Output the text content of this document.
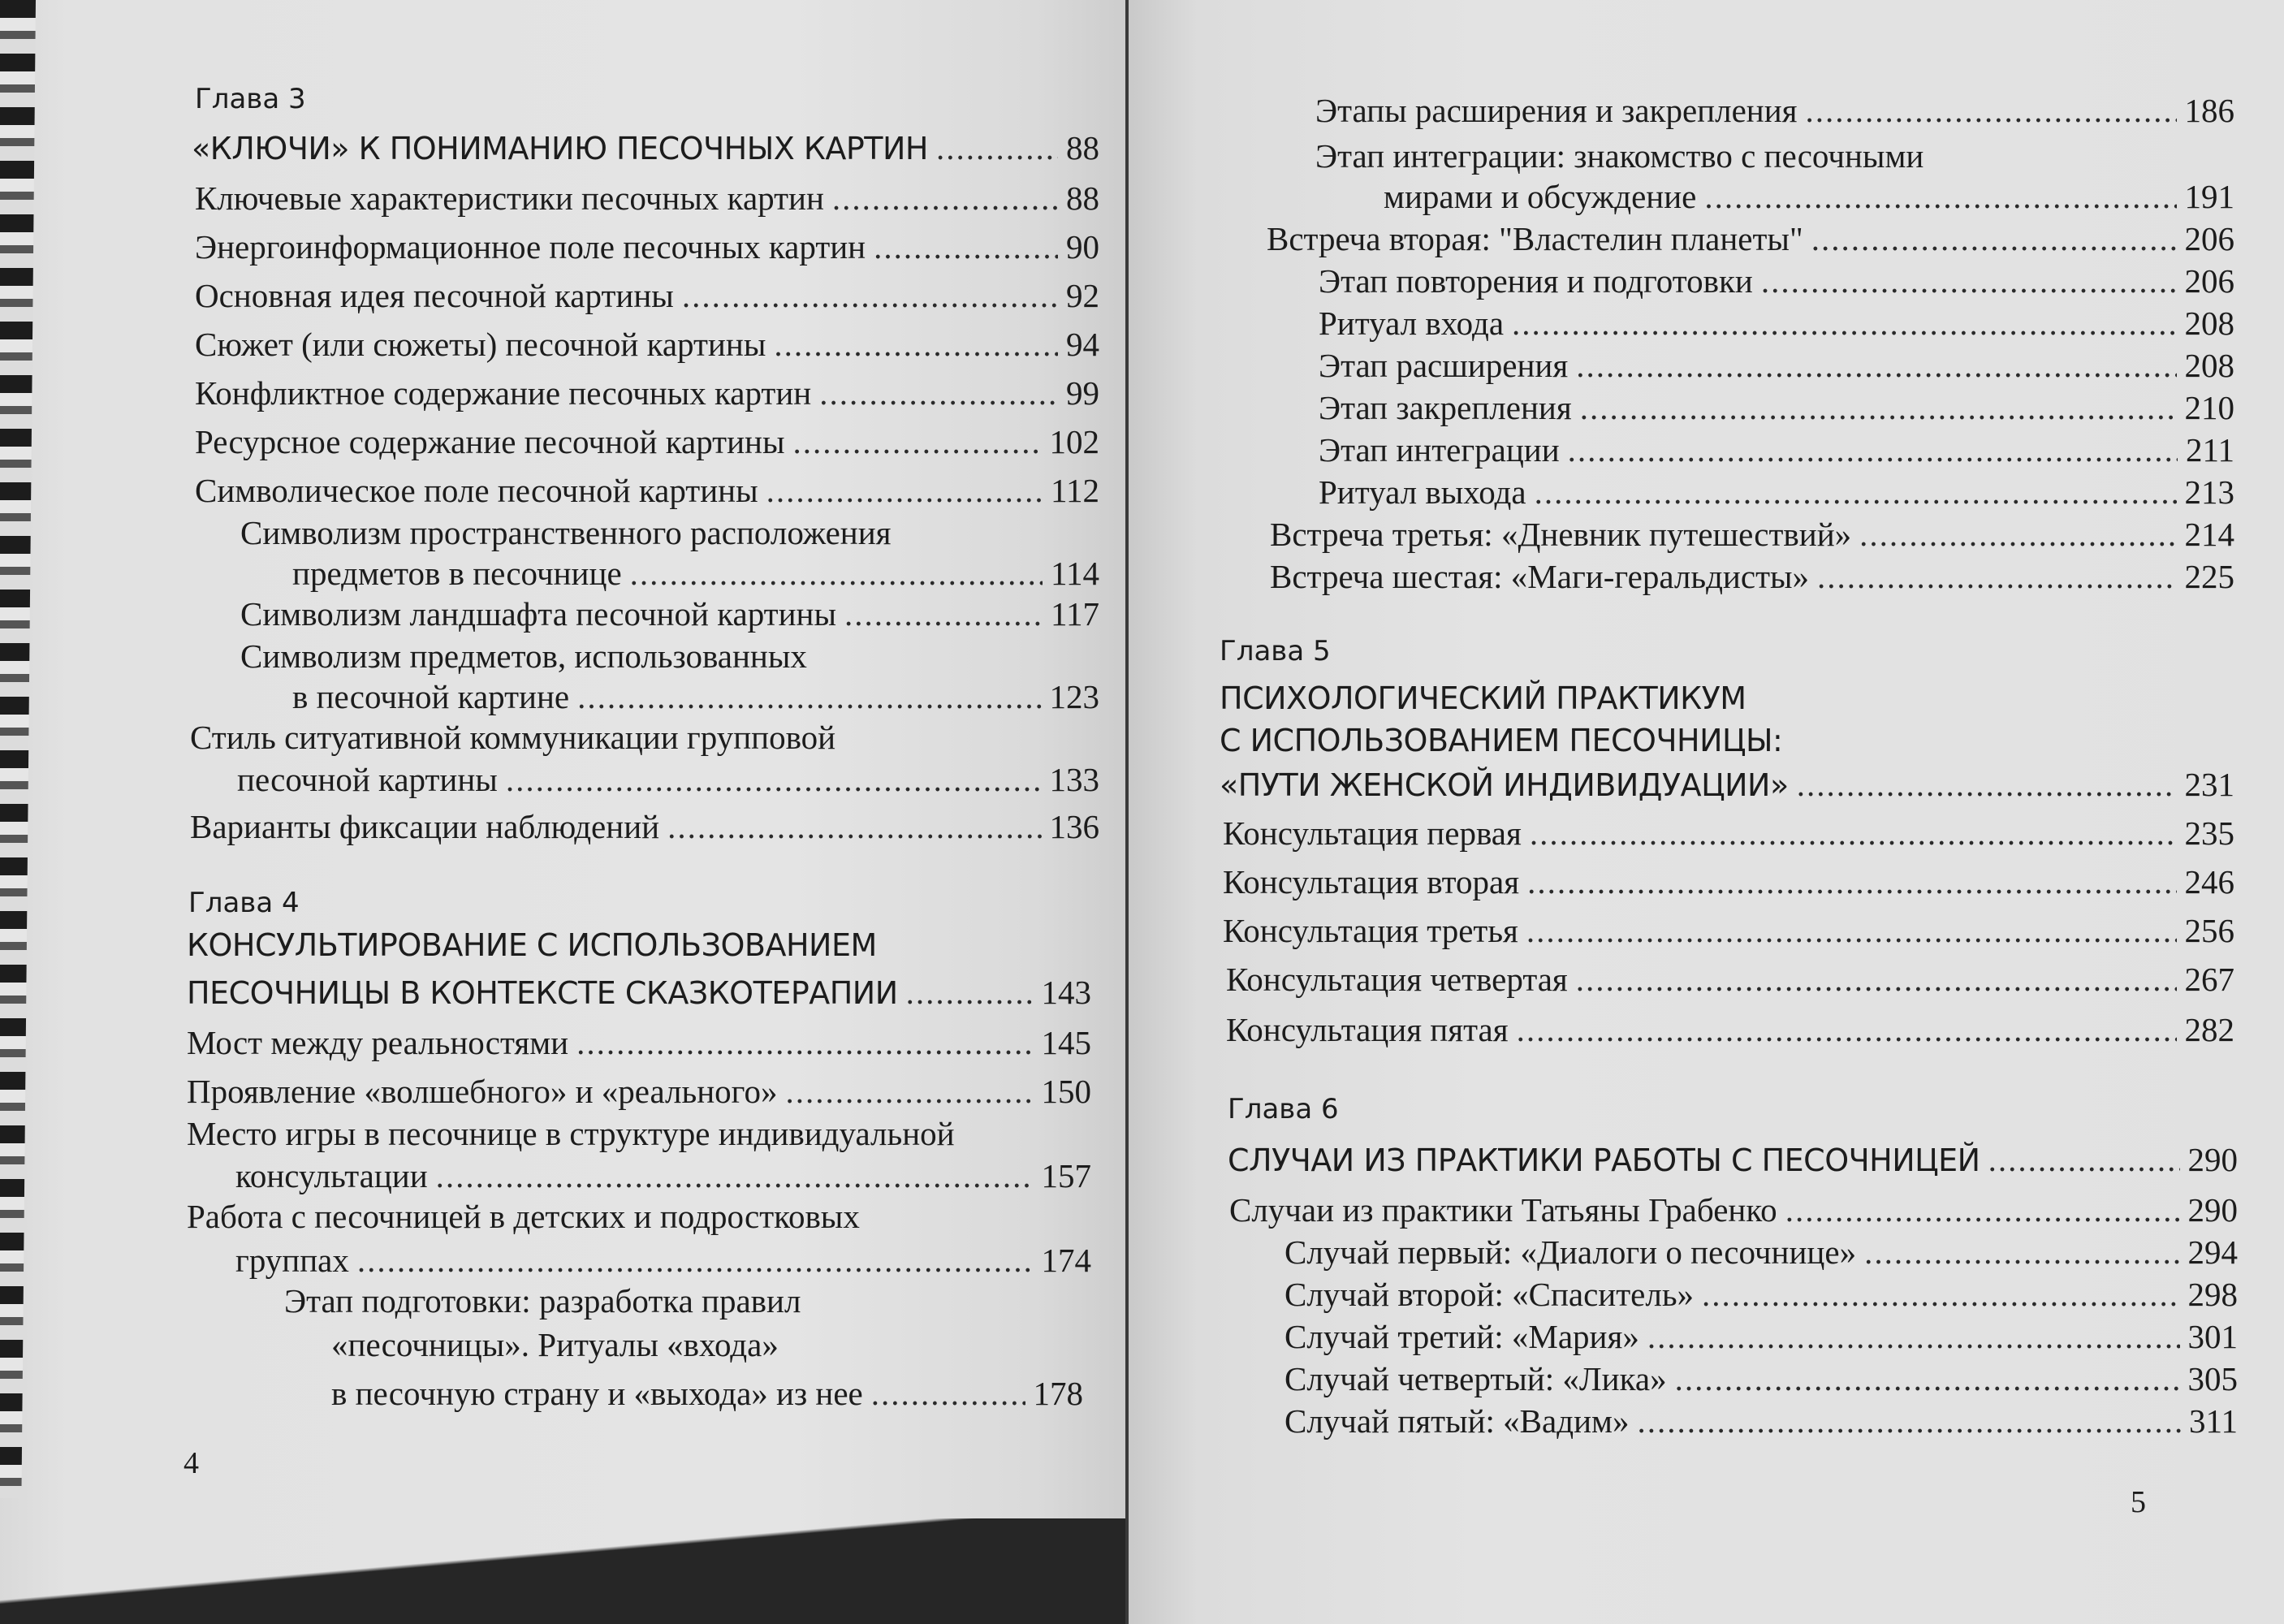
Глава 3
«КЛЮЧИ» К ПОНИМАНИЮ ПЕСОЧНЫХ КАРТИН .....	88
Ключевые характеристики песочных картин .....	88
Энергоинформационное поле песочных картин .....	90
Основная идея песочной картины .....	92
Сюжет (или сюжеты) песочной картины .....	94
Конфликтное содержание песочных картин .....	99
Ресурсное содержание песочной картины .....	102
Символическое поле песочной картины .....	112
Символизм пространственного расположения
предметов в песочнице .....	114
Символизм ландшафта песочной картины .....	117
Символизм предметов, использованных
в песочной картине .....	123
Стиль ситуативной коммуникации групповой
песочной картины .....	133
Варианты фиксации наблюдений .....	136
Глава 4
КОНСУЛЬТИРОВАНИЕ С ИСПОЛЬЗОВАНИЕМ
ПЕСОЧНИЦЫ В КОНТЕКСТЕ СКАЗКОТЕРАПИИ .....	143
Мост между реальностями .....	145
Проявление «волшебного» и «реального» .....	150
Место игры в песочнице в структуре индивидуальной
консультации .....	157
Работа с песочницей в детских и подростковых
группах .....	174
Этап подготовки: разработка правил
«песочницы». Ритуалы «входа»
в песочную страну и «выхода» из нее .....	178
4
Этапы расширения и закрепления .....	186
Этап интеграции: знакомство с песочными
мирами и обсуждение .....	191
Встреча вторая: "Властелин планеты" .....	206
Этап повторения и подготовки .....	206
Ритуал входа .....	208
Этап расширения .....	208
Этап закрепления .....	210
Этап интеграции .....	211
Ритуал выхода .....	213
Встреча третья: «Дневник путешествий» .....	214
Встреча шестая: «Маги-геральдисты» .....	225
Глава 5
ПСИХОЛОГИЧЕСКИЙ ПРАКТИКУМ
С ИСПОЛЬЗОВАНИЕМ ПЕСОЧНИЦЫ:
«ПУТИ ЖЕНСКОЙ ИНДИВИДУАЦИИ» .....	231
Консультация первая .....	235
Консультация вторая .....	246
Консультация третья .....	256
Консультация четвертая .....	267
Консультация пятая .....	282
Глава 6
СЛУЧАИ ИЗ ПРАКТИКИ РАБОТЫ С ПЕСОЧНИЦЕЙ .....	290
Случаи из практики Татьяны Грабенко .....	290
Случай первый: «Диалоги о песочнице» .....	294
Случай второй: «Спаситель» .....	298
Случай третий: «Мария» .....	301
Случай четвертый: «Лика» .....	305
Случай пятый: «Вадим» .....	311
5
